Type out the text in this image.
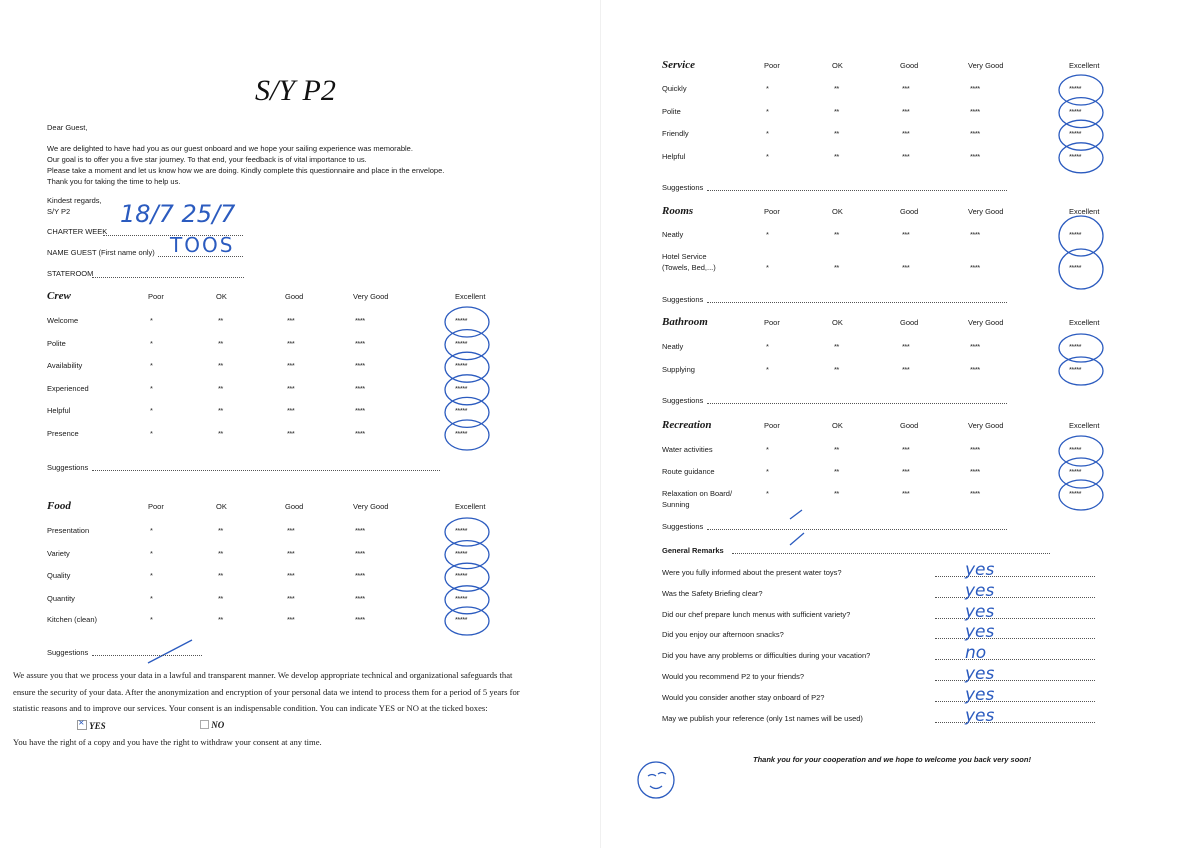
S/Y P2
Dear Guest,
We are delighted to have had you as our guest onboard and we hope your sailing experience was memorable.
Our goal is to offer you a five star journey. To that end, your feedback is of vital importance to us.
Please take a moment and let us know how we are doing. Kindly complete this questionnaire and place in the envelope.
Thank you for taking the time to help us.
Kindest regards,
S/Y P2
CHARTER WEEK
18/7 25/7
NAME GUEST (First name only) TOOS
STATEROOM
We assure you that we process your data in a lawful and transparent manner. We develop appropriate technical and organizational safeguards that
ensure the security of your data. After the anonymization and encryption of your personal data we intend to process them for a period of 5 years for
statistic reasons and to improve our services. Your consent is an indispensable condition. You can indicate YES or NO at the ticked boxes:
× YES	NO
You have the right of a copy and you have the right to withdraw your consent at any time.
General Remarks
Thank you for your cooperation and we hope to welcome you back very soon!
Crew	Poor	OK	Good	Very Good	Excellent
Welcome	*	**	***	****	*****
Polite	*	**	***	****	*****
Availability	*	**	***	****	*****
Experienced	*	**	***	****	*****
Helpful	*	**	***	****	*****
Presence	*	**	***	****	*****
Suggestions
Food	Poor	OK	Good	Very Good	Excellent
Presentation	*	**	***	****	*****
Variety	*	**	***	****	*****
Quality	*	**	***	****	*****
Quantity	*	**	***	****	*****
Kitchen (clean)	*	**	***	****	*****
Suggestions
Service	Poor	OK	Good	Very Good	Excellent
Quickly	*	**	***	****	*****
Polite	*	**	***	****	*****
Friendly	*	**	***	****	*****
Helpful	*	**	***	****	*****
Suggestions
Rooms	Poor	OK	Good	Very Good	Excellent
Neatly	*	**	***	****	*****
Hotel Service
(Towels, Bed,...)	*	**	***	****	*****
Suggestions
Bathroom	Poor	OK	Good	Very Good	Excellent
Neatly	*	**	***	****	*****
Supplying	*	**	***	****	*****
Suggestions
Recreation	Poor	OK	Good	Very Good	Excellent
Water activities	*	**	***	****	*****
Route guidance	*	**	***	****	*****
Relaxation on Board/
Sunning
*	**	***	****	*****
Suggestions
Were you fully informed about the present water toys?	yes
Was the Safety Briefing clear?	yes
Did our chef prepare lunch menus with sufficient variety?	yes
Did you enjoy our afternoon snacks?	yes
Did you have any problems or difficulties during your vacation?	no
Would you recommend P2 to your friends?	yes
Would you consider another stay onboard of P2?	yes
May we publish your reference (only 1st names will be used)	yes
